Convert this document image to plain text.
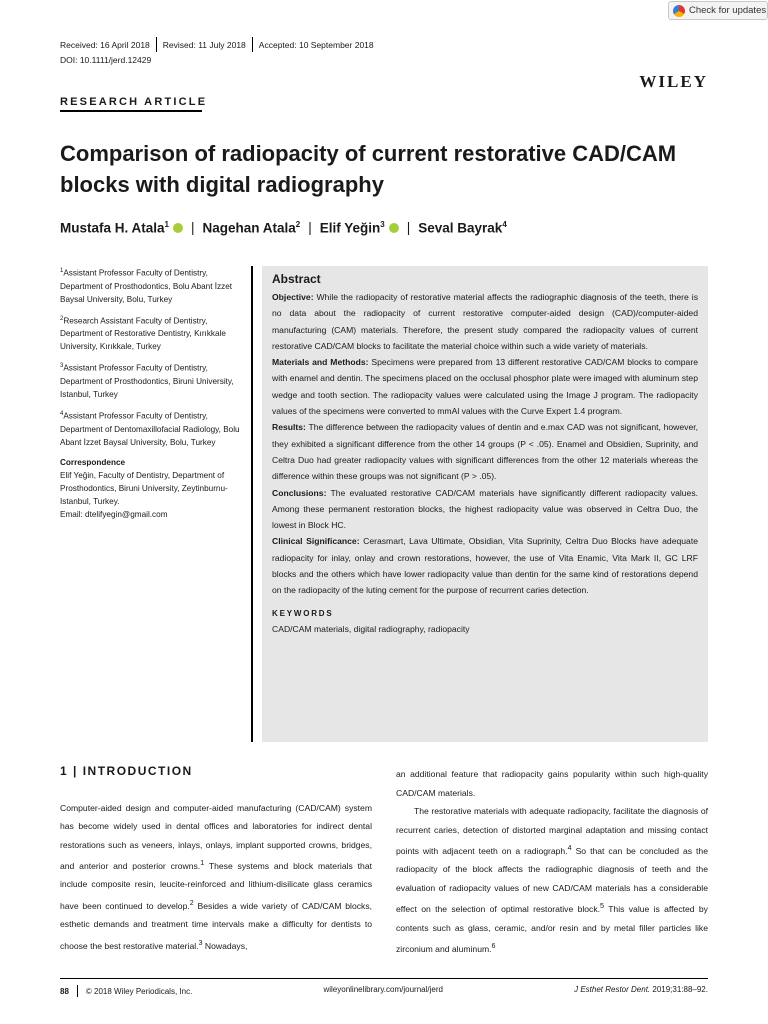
Check for updates
Received: 16 April 2018 Revised: 11 July 2018 Accepted: 10 September 2018
DOI: 10.1111/jerd.12429
WILEY
RESEARCH ARTICLE
Comparison of radiopacity of current restorative CAD/CAM blocks with digital radiography
Mustafa H. Atala$^1$ | Nagehan Atala$^2$ | Elif Yeğin$^3$ | Seval Bayrak$^4$

$^1$Assistant Professor Faculty of Dentistry, Department of Prosthodontics, Bolu Abant İzzet Baysal University, Bolu, Turkey

$^2$Research Assistant Faculty of Dentistry, Department of Restorative Dentistry, Kırıkkale University, Kırıkkale, Turkey

$^3$Assistant Professor Faculty of Dentistry, Department of Prosthodontics, Biruni University, Istanbul, Turkey

$^4$Assistant Professor Faculty of Dentistry, Department of Dentomaxillofacial Radiology, Bolu Abant İzzet Baysal University, Bolu, Turkey

Correspondence
Elif Yeğin, Faculty of Dentistry, Department of Prosthodontics, Biruni University, Zeytinburnu-Istanbul, Turkey.
Email: dtelifyegin@gmail.com
Abstract
Objective: While the radiopacity of restorative material affects the radiographic diagnosis of the teeth, there is no data about the radiopacity of current restorative computer-aided design (CAD)/computer-aided manufacturing (CAM) materials. Therefore, the present study compared the radiopacity values of current restorative CAD/CAM blocks to facilitate the material choice within such a wide variety of materials.
Materials and Methods: Specimens were prepared from 13 different restorative CAD/CAM blocks to compare with enamel and dentin. The specimens placed on the occlusal phosphor plate were imaged with aluminum step wedge and tooth section. The radiopacity values were calculated using the Image J program. The radiopacity values of the specimens were converted to mmAl values with the Curve Expert 1.4 program.
Results: The difference between the radiopacity values of dentin and e.max CAD was not significant, however, they exhibited a significant difference from the other 14 groups (P < .05). Enamel and Obsidien, Suprinity, and Celtra Duo had greater radiopacity values with significant differences from the other 12 materials whereas the difference within these groups was not significant (P > .05).
Conclusions: The evaluated restorative CAD/CAM materials have significantly different radiopacity values. Among these permanent restoration blocks, the highest radiopacity value was observed in Celtra Duo, the lowest in Block HC.
Clinical Significance: Cerasmart, Lava Ultimate, Obsidian, Vita Suprinity, Celtra Duo Blocks have adequate radiopacity for inlay, onlay and crown restorations, however, the use of Vita Enamic, Vita Mark II, GC LRF blocks and the others which have lower radiopacity value than dentin for the same kind of restorations depend on the radiopacity of the luting cement for the purpose of recurrent caries detection.
KEYWORDS
CAD/CAM materials, digital radiography, radiopacity
1 | INTRODUCTION

Computer-aided design and computer-aided manufacturing (CAD/CAM) system has become widely used in dental offices and laboratories for indirect dental restorations such as veneers, inlays, onlays, implant supported crowns, bridges, and anterior and posterior crowns.$^1$ These systems and block materials that include composite resin, leucite-reinforced and lithium-disilicate glass ceramics have been continued to develop.$^2$ Besides a wide variety of CAD/CAM blocks, esthetic demands and treatment time intervals make a difficulty for dentists to choose the best restorative material.$^3$ Nowadays,

an additional feature that radiopacity gains popularity within such high-quality CAD/CAM materials.

The restorative materials with adequate radiopacity, facilitate the diagnosis of recurrent caries, detection of distorted marginal adaptation and missing contact points with adjacent teeth on a radiograph.$^4$ So that can be concluded as the radiopacity of the block affects the radiographic diagnosis of teeth and the evaluation of radiopacity values of new CAD/CAM materials has a considerable effect on the selection of optimal restorative block.$^5$ This value is affected by contents such as glass, ceramic, and/or resin and by metal filler particles like zirconium and aluminum.$^6$

88 © 2018 Wiley Periodicals, Inc.	wileyonlinelibrary.com/journal/jerd	J Esthet Restor Dent. 2019;31:88–92.
